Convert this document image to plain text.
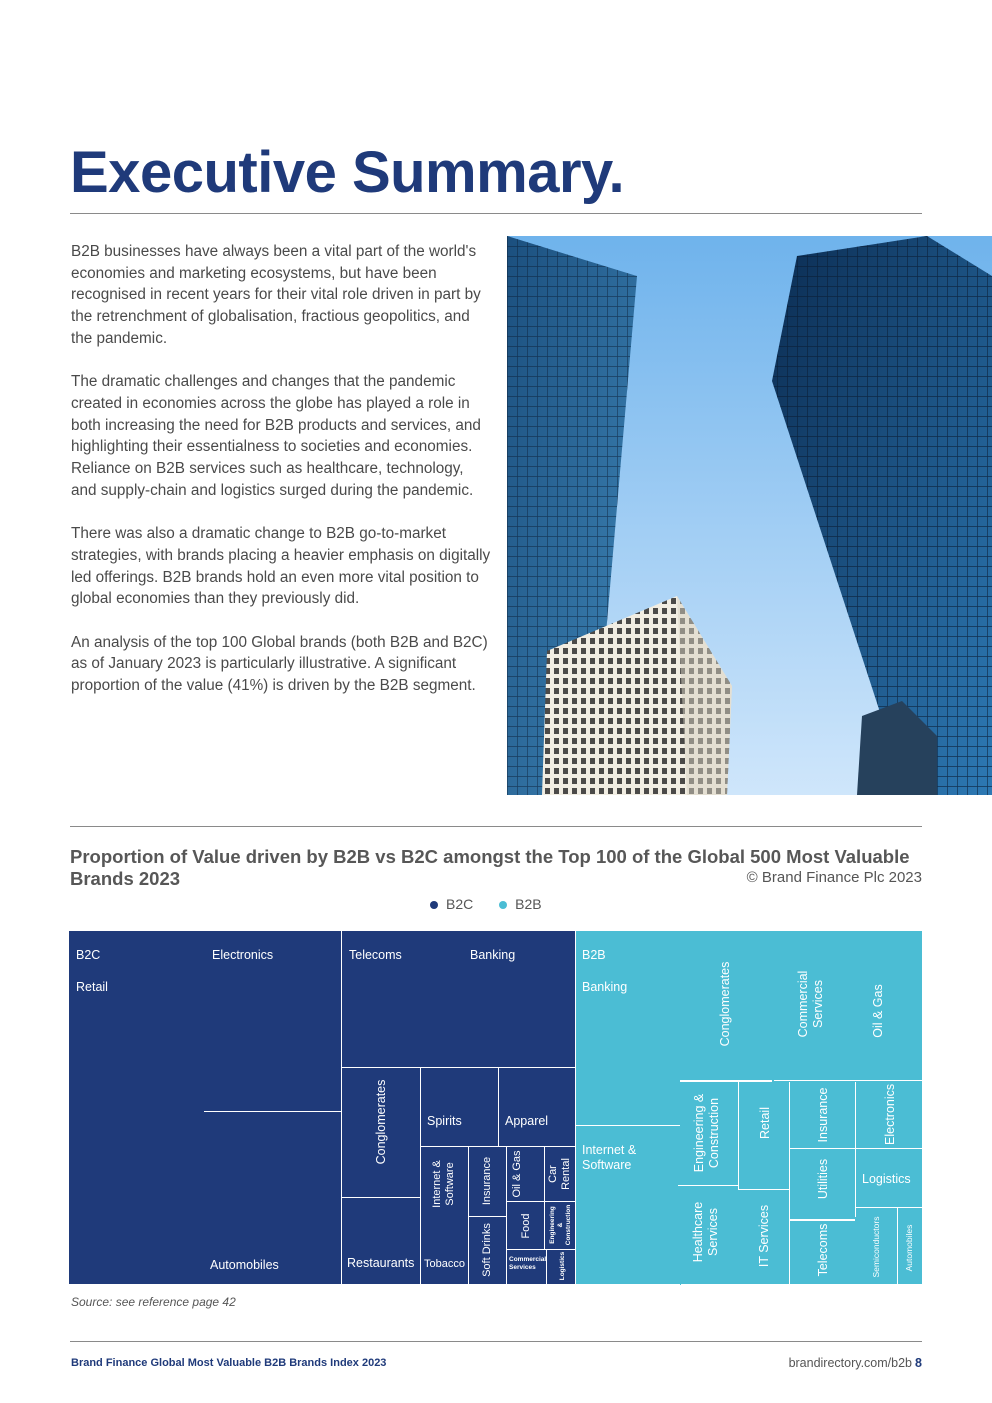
Executive Summary.

B2B businesses have always been a vital part of the world's economies and marketing ecosystems, but have been recognised in recent years for their vital role driven in part by the retrenchment of globalisation, fractious geopolitics, and the pandemic.

The dramatic challenges and changes that the pandemic created in economies across the globe has played a role in both increasing the need for B2B products and services, and highlighting their essentialness to societies and economies. Reliance on B2B services such as healthcare, technology, and supply-chain and logistics surged during the pandemic.

There was also a dramatic change to B2B go-to-market strategies, with brands placing a heavier emphasis on digitally led offerings. B2B brands hold an even more vital position to global economies than they previously did.

An analysis of the top 100 Global brands (both B2B and B2C) as of January 2023 is particularly illustrative. A significant proportion of the value (41%) is driven by the B2B segment.

Proportion of Value driven by B2B vs B2C amongst the Top 100 of the Global 500 Most Valuable Brands 2023	© Brand Finance Plc 2023
B2C	B2B
B2C
Retail
Electronics
Automobiles
Telecoms	Banking
Conglomerates
Restaurants
Spirits	Apparel
Internet & Software
Tobacco
Insurance
Soft Drinks
Oil & Gas Car Rental
Food	Engineering & Construction
Commercial Services	Logistics
B2B
Banking
Internet & Software
Conglomerates	Commercial Services	Oil & Gas
Engineering & Construction	Retail	Insurance	Electronics
Utilities	Logistics
Healthcare Services	IT Services	Telecoms	Semiconductors	Automobiles
Source: see reference page 42
Brand Finance Global Most Valuable B2B Brands Index 2023	brandirectory.com/b2b 8
